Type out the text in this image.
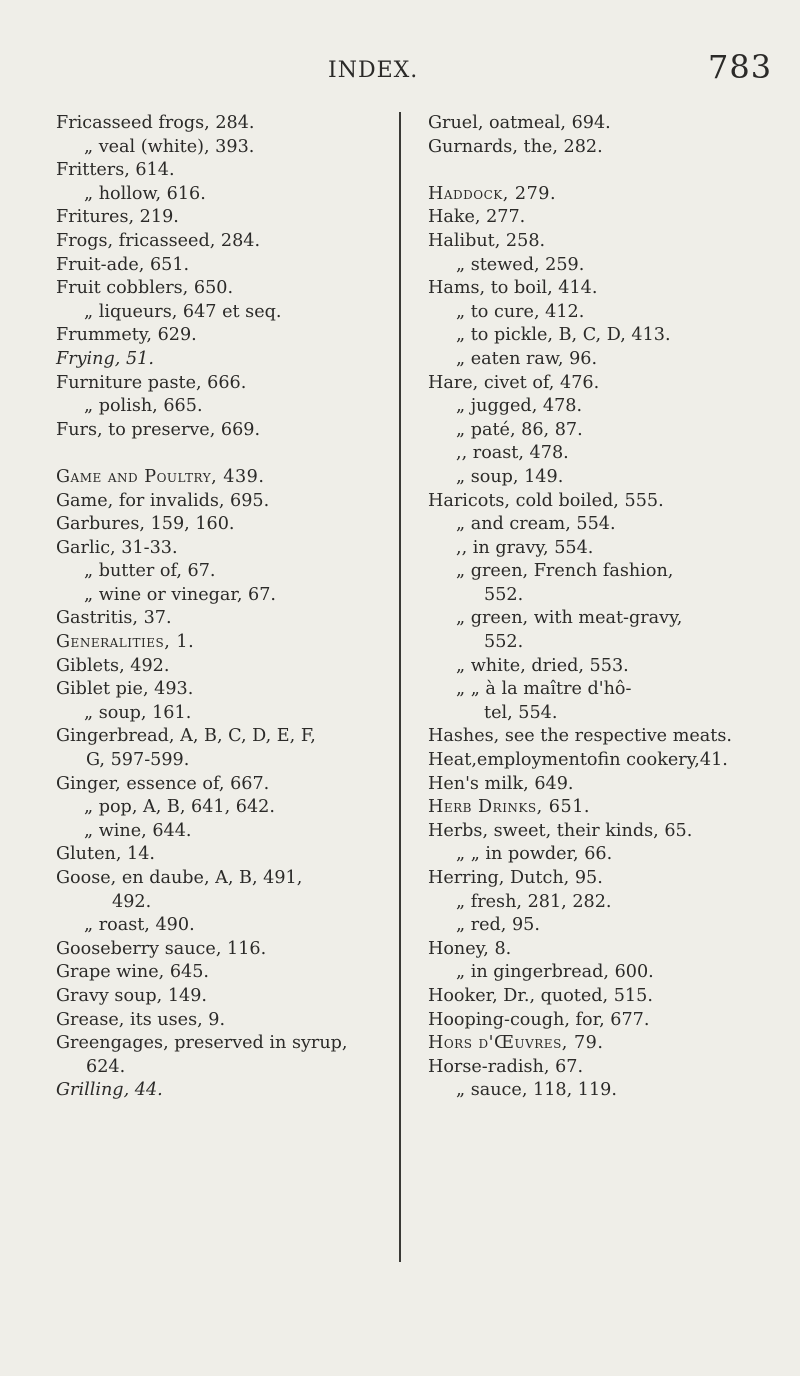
INDEX.	783
Fricasseed frogs, 284.
„ veal (white), 393.
Fritters, 614.
„ hollow, 616.
Fritures, 219.
Frogs, fricasseed, 284.
Fruit-ade, 651.
Fruit cobblers, 650.
„ liqueurs, 647 et seq.
Frummety, 629.
Frying, 51.
Furniture paste, 666.
„ polish, 665.
Furs, to preserve, 669.
Game and Poultry, 439.
Game, for invalids, 695.
Garbures, 159, 160.
Garlic, 31-33.
„ butter of, 67.
„ wine or vinegar, 67.
Gastritis, 37.
Generalities, 1.
Giblets, 492.
Giblet pie, 493.
„ soup, 161.
Gingerbread, A, B, C, D, E, F,
G, 597-599.
Ginger, essence of, 667.
„ pop, A, B, 641, 642.
„ wine, 644.
Gluten, 14.
Goose, en daube, A, B, 491,
492.
„ roast, 490.
Gooseberry sauce, 116.
Grape wine, 645.
Gravy soup, 149.
Grease, its uses, 9.
Greengages, preserved in syrup,
624.
Grilling, 44.
Gruel, oatmeal, 694.
Gurnards, the, 282.
Haddock, 279.
Hake, 277.
Halibut, 258.
„ stewed, 259.
Hams, to boil, 414.
„ to cure, 412.
„ to pickle, B, C, D, 413.
„ eaten raw, 96.
Hare, civet of, 476.
„ jugged, 478.
„ paté, 86, 87.
,, roast, 478.
„ soup, 149.
Haricots, cold boiled, 555.
„ and cream, 554.
,, in gravy, 554.
„ green, French fashion,
552.
„ green, with meat-gravy,
552.
„ white, dried, 553.
„ „ à la maître d'hô-
tel, 554.
Hashes, see the respective meats.
Heat,employmentofin cookery,41.
Hen's milk, 649.
Herb Drinks, 651.
Herbs, sweet, their kinds, 65.
„ „ in powder, 66.
Herring, Dutch, 95.
„ fresh, 281, 282.
„ red, 95.
Honey, 8.
„ in gingerbread, 600.
Hooker, Dr., quoted, 515.
Hooping-cough, for, 677.
Hors d'Œuvres, 79.
Horse-radish, 67.
„ sauce, 118, 119.
